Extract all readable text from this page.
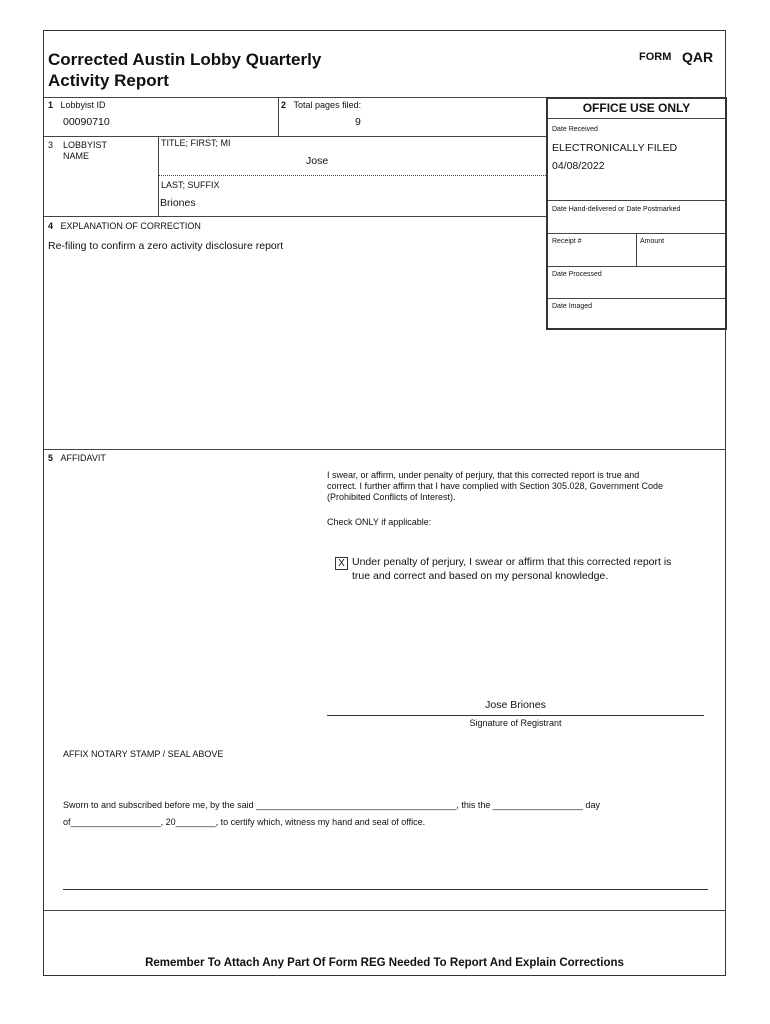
Corrected Austin Lobby Quarterly
Activity Report
FORM QAR
1 Lobbyist ID
00090710
2 Total pages filed:
9
3 LOBBYIST
NAME
TITLE; FIRST; MI
Jose
LAST; SUFFIX
Briones
OFFICE USE ONLY
Date Received
ELECTRONICALLY FILED
04/08/2022
Date Hand-delivered or Date Postmarked
Receipt #	Amount
Date Processed
Date Imaged
4 EXPLANATION OF CORRECTION
Re-filing to confirm a zero activity disclosure report
5 AFFIDAVIT
I swear, or affirm, under penalty of perjury, that this corrected report is true and
correct. I further affirm that I have complied with Section 305.028, Government Code
(Prohibited Conflicts of Interest).
Check ONLY if applicable:
X Under penalty of perjury, I swear or affirm that this corrected report is
true and correct and based on my personal knowledge.
Jose Briones
Signature of Registrant
AFFIX NOTARY STAMP / SEAL ABOVE
Sworn to and subscribed before me, by the said ________________________________________, this the __________________ day
of__________________, 20________, to certify which, witness my hand and seal of office.
Remember To Attach Any Part Of Form REG Needed To Report And Explain Corrections
